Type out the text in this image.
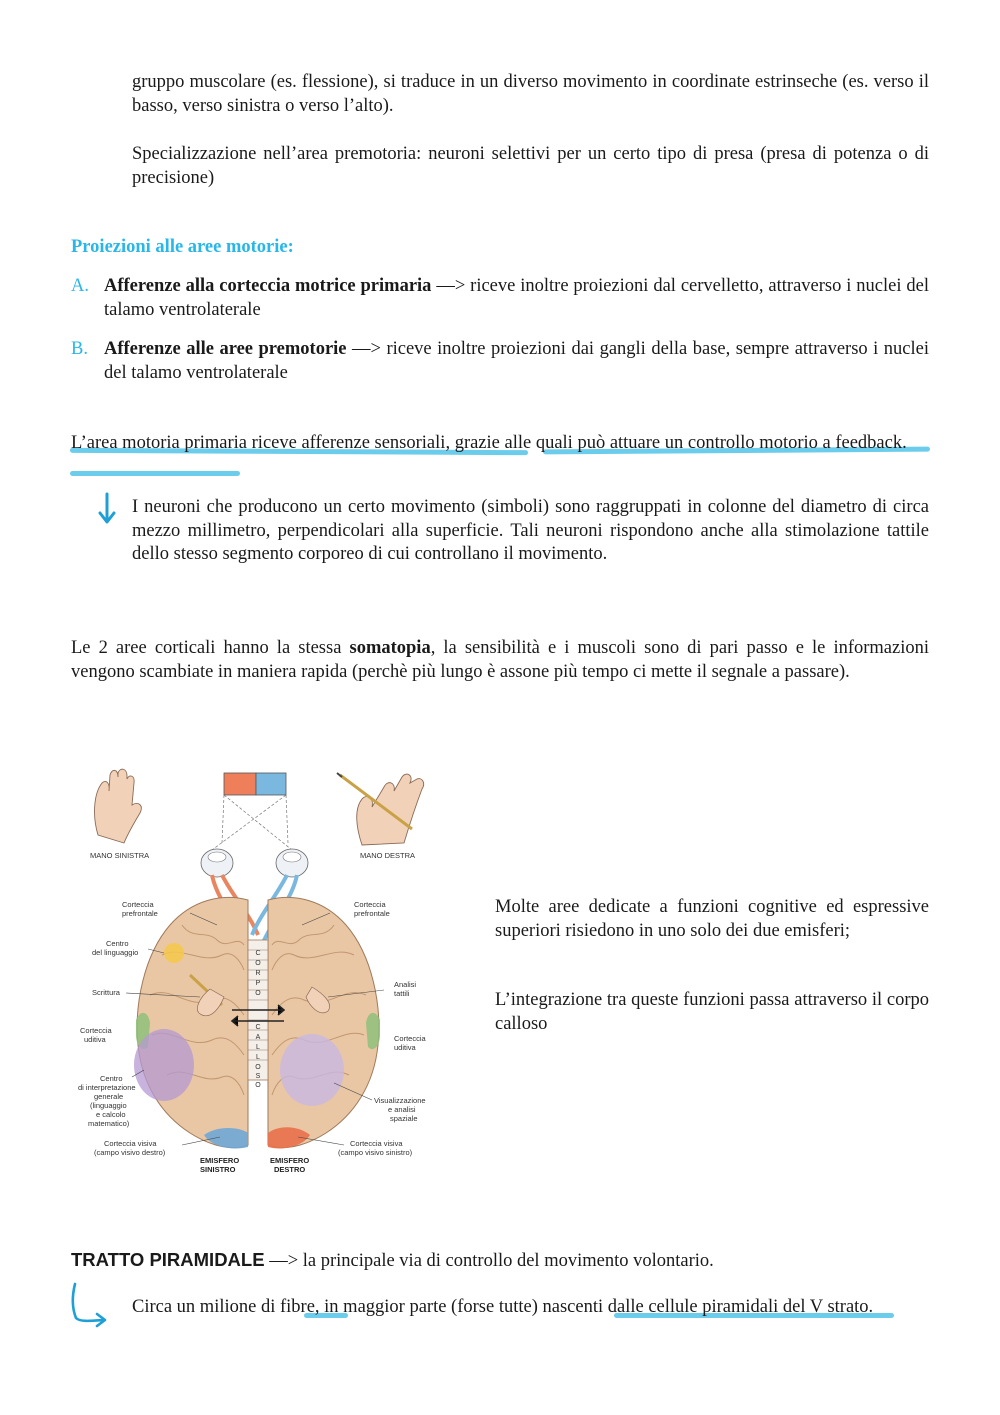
gruppo muscolare (es. flessione), si traduce in un diverso movimento in coordinate estrinseche (es. verso il basso, verso sinistra o verso l’alto).
Specializzazione nell’area premotoria: neuroni selettivi per un certo tipo di presa (presa di potenza o di precisione)
Proiezioni alle aree motorie:
A. Afferenze alla corteccia motrice primaria —> riceve inoltre proiezioni dal cervelletto, attraverso i nuclei del talamo ventrolaterale
B. Afferenze alle aree premotorie —> riceve inoltre proiezioni dai gangli della base, sempre attraverso i nuclei del talamo ventrolaterale
L’area motoria primaria riceve afferenze sensoriali, grazie alle quali può attuare un controllo motorio a feedback.
I neuroni che producono un certo movimento (simboli) sono raggruppati in colonne del diametro di circa mezzo millimetro, perpendicolari alla superficie. Tali neuroni rispondono anche alla stimolazione tattile dello stesso segmento corporeo di cui controllano il movimento.
Le 2 aree corticali hanno la stessa somatopia, la sensibilità e i muscoli sono di pari passo e le informazioni vengono scambiate in maniera rapida (perchè più lungo è assone più tempo ci mette il segnale a passare).
MANO SINISTRA	MANO DESTRA
Corteccia
prefrontale
Corteccia
prefrontale
Centro
del linguaggio
Scrittura
Analisi
tattili
Corteccia
uditiva	Corteccia
uditiva
Centro
di interpretazione
generale
(linguaggio
e calcolo
matematico)
Visualizzazione
e analisi
spaziale
Corteccia visiva
(campo visivo destro)
Corteccia visiva
(campo visivo sinistro)
EMISFERO
SINISTRO
EMISFERO
DESTRO
C
O
R
P
O
C
A
L
L
O
S
O
Molte aree dedicate a funzioni cognitive ed espressive superiori risiedono in uno solo dei due emisferi;
L’integrazione tra queste funzioni passa attraverso il corpo calloso
TRATTO PIRAMIDALE —> la principale via di controllo del movimento volontario.
Circa un milione di fibre, in maggior parte (forse tutte) nascenti dalle cellule piramidali del V strato.
